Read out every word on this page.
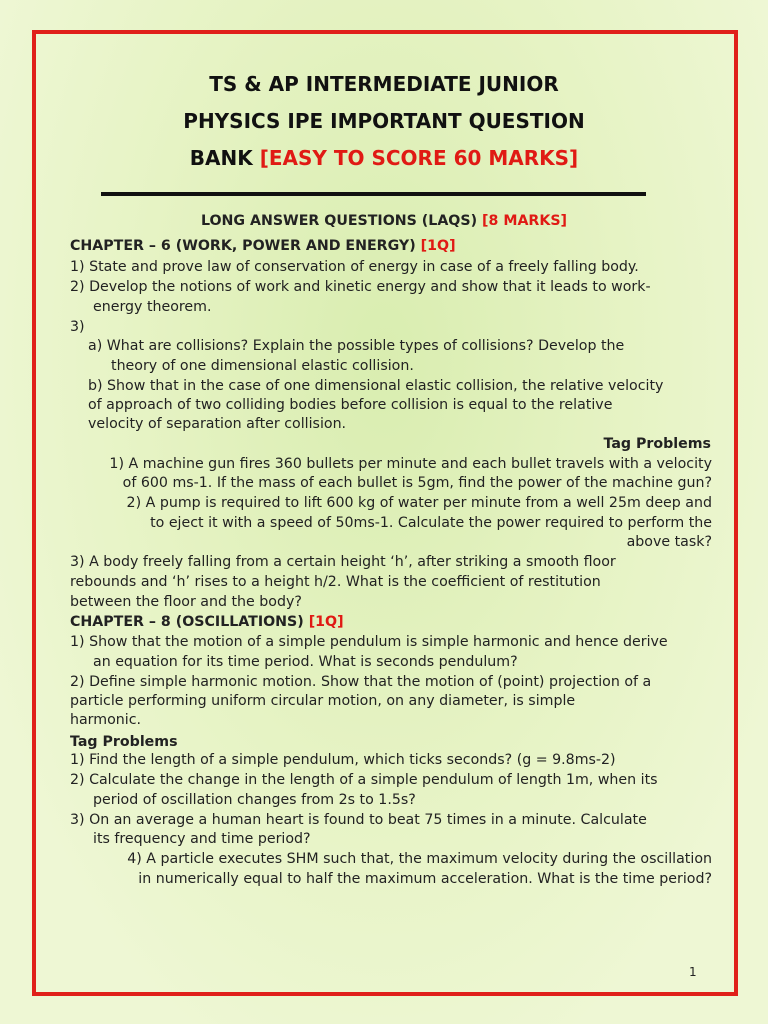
TS & AP INTERMEDIATE JUNIOR
PHYSICS IPE IMPORTANT QUESTION
BANK [EASY TO SCORE 60 MARKS]
LONG ANSWER QUESTIONS (LAQS) [8 MARKS]
CHAPTER – 6 (WORK, POWER AND ENERGY) [1Q]
1) State and prove law of conservation of energy in case of a freely falling body.
2) Develop the notions of work and kinetic energy and show that it leads to work-
energy theorem.
3)
a) What are collisions? Explain the possible types of collisions? Develop the
theory of one dimensional elastic collision.
b) Show that in the case of one dimensional elastic collision, the relative velocity
of approach of two colliding bodies before collision is equal to the relative
velocity of separation after collision.
Tag Problems
1) A machine gun fires 360 bullets per minute and each bullet travels with a velocity
of 600 ms-1. If the mass of each bullet is 5gm, find the power of the machine gun?
2) A pump is required to lift 600 kg of water per minute from a well 25m deep and
to eject it with a speed of 50ms-1. Calculate the power required to perform the
above task?
3) A body freely falling from a certain height ‘h’, after striking a smooth floor
rebounds and ‘h’ rises to a height h/2. What is the coefficient of restitution
between the floor and the body?
CHAPTER – 8 (OSCILLATIONS) [1Q]
1) Show that the motion of a simple pendulum is simple harmonic and hence derive
an equation for its time period. What is seconds pendulum?
2) Define simple harmonic motion. Show that the motion of (point) projection of a
particle performing uniform circular motion, on any diameter, is simple
harmonic.
Tag Problems
1) Find the length of a simple pendulum, which ticks seconds? (g = 9.8ms-2)
2) Calculate the change in the length of a simple pendulum of length 1m, when its
period of oscillation changes from 2s to 1.5s?
3) On an average a human heart is found to beat 75 times in a minute. Calculate
its frequency and time period?
4) A particle executes SHM such that, the maximum velocity during the oscillation
in numerically equal to half the maximum acceleration. What is the time period?
1
